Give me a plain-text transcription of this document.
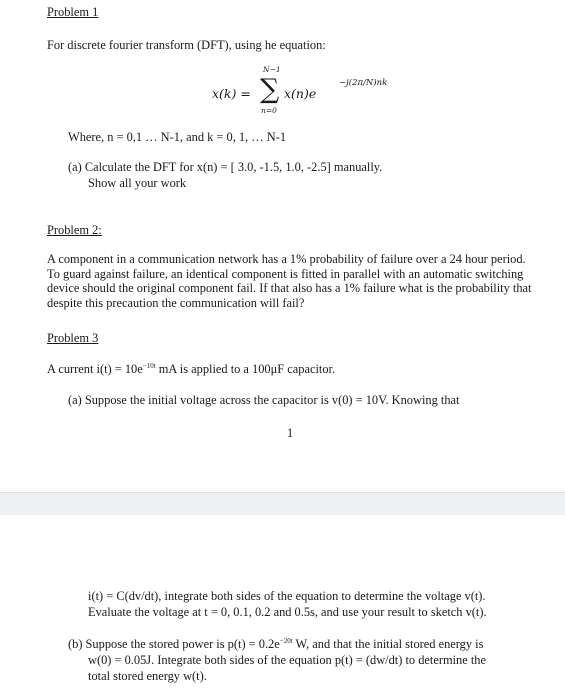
Problem 1
For discrete fourier transform (DFT), using he equation:
x(k) =
N−1
∑
n=0
x(n)e
−j(2π/N)nk
Where, n = 0,1 … N-1, and k = 0, 1, … N-1
(a) Calculate the DFT for x(n) = [ 3.0, -1.5, 1.0, -2.5] manually.
Show all your work
Problem 2:
A component in a communication network has a 1% probability of failure over a 24 hour period. To guard against failure, an identical component is fitted in parallel with an automatic switching device should the original component fail. If that also has a 1% failure what is the probability that despite this precaution the communication will fail?
Problem 3
A current $i(t) = 10e^{-10t}$ mA is applied to a 100μF capacitor.
(a) Suppose the initial voltage across the capacitor is v(0) = 10V. Knowing that
1
i(t) = C(dv/dt), integrate both sides of the equation to determine the voltage v(t).
Evaluate the voltage at t = 0, 0.1, 0.2 and 0.5s, and use your result to sketch v(t).
(b) Suppose the stored power is $p(t) = 0.2e^{-20t}$ W, and that the initial stored energy is
w(0) = 0.05J. Integrate both sides of the equation p(t) = (dw/dt) to determine the
total stored energy w(t).
